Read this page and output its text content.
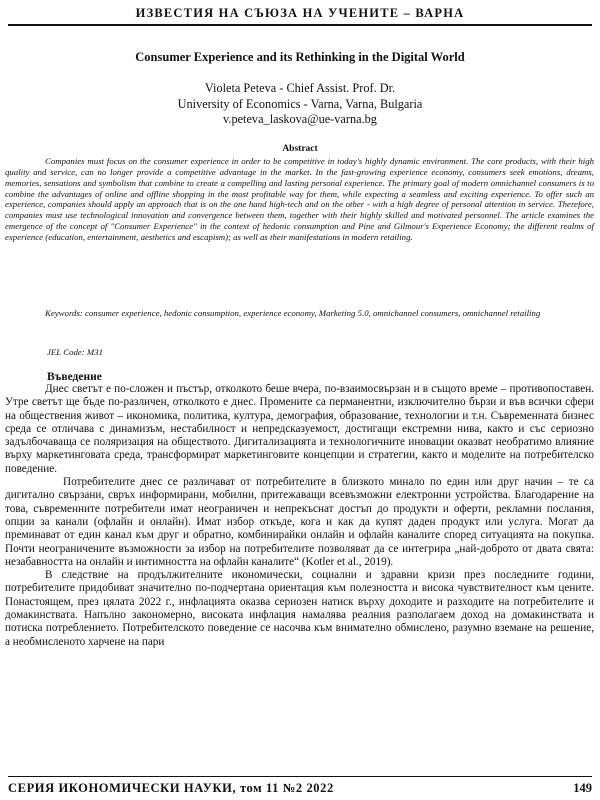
ИЗВЕСТИЯ НА СЪЮЗА НА УЧЕНИТЕ – ВАРНА
Consumer Experience and its Rethinking in the Digital World
Violeta Peteva - Chief Assist. Prof. Dr.
University of Economics - Varna, Varna, Bulgaria
v.peteva_laskova@ue-varna.bg
Abstract

Companies must focus on the consumer experience in order to be competitive in today's highly dynamic environment. The core products, with their high quality and service, can no longer provide a competitive advantage in the market. In the fast-growing experience economy, consumers seek emotions, dreams, memories, sensations and symbolism that combine to create a compelling and lasting personal experience. The primary goal of modern omnichannel consumers is to combine the advantages of online and offline shopping in the most profitable way for them, while expecting a seamless and exciting experience. To offer such an experience, companies should apply an approach that is on the one hand high-tech and on the other - with a high degree of personal attention in service. Therefore, companies must use technological innovation and convergence between them, together with their highly skilled and motivated personnel. The article examines the emergence of the concept of "Consumer Experience" in the context of hedonic consumption and Pine and Gilmour's Experience Economy; the different realms of experience (education, entertainment, aesthetics and escapism); as well as their manifestations in modern retailing.

Keywords: consumer experience, hedonic consumption, experience economy, Marketing 5.0, omnichannel consumers, omnichannel retailing

JEL Code: M31
Въведение

Днес светът е по-сложен и пъстър, отколкото беше вчера, по-взаимосвързан и в същото време – противопоставен. Утре светът ще бъде по-различен, отколкото е днес. Промените са перманентни, изключително бързи и във всички сфери на обществения живот – икономика, политика, култура, демография, образование, технологии и т.н. Съвременната бизнес среда се отличава с динамизъм, нестабилност и непредсказуемост, достигащи екстремни нива, както и със сериозно задълбочаваща се поляризация на обществото. Дигитализацията и технологичните иновации оказват необратимо влияние върху маркетинговата среда, трансформират маркетинговите концепции и стратегии, както и моделите на потребителско поведение.

Потребителите днес се различават от потребителите в близкото минало по един или друг начин – те са дигитално свързани, свръх информирани, мобилни, притежаващи всевъзможни електронни устройства. Благодарение на това, съвременните потребители имат неограничен и непрекъснат достъп до продукти и оферти, рекламни послания, опции за канали (офлайн и онлайн). Имат избор откъде, кога и как да купят даден продукт или услуга. Могат да преминават от един канал към друг и обратно, комбинирайки онлайн и офлайн каналите според ситуацията на покупка. Почти неограничените възможности за избор на потребителите позволяват да се интегрира „най-доброто от двата свята: незабавността на онлайн и интимността на офлайн каналите“ (Kotler et al., 2019).

В следствие на продължителните икономически, социални и здравни кризи през последните години, потребителите придобиват значително по-подчертана ориентация към полезността и висока чувствителност към цените. Понастоящем, през цялата 2022 г., инфлацията оказва сериозен натиск върху доходите и разходите на потребителите и домакинствата. Напълно закономерно, високата инфлация намалява реалния разполагаем доход на домакинствата и потиска потреблението. Потребителското поведение се насочва към внимателно обмислено, разумно вземане на решение, а необмисленото харчене на пари

СЕРИЯ ИКОНОМИЧЕСКИ НАУКИ, том 11 №2 2022	149
